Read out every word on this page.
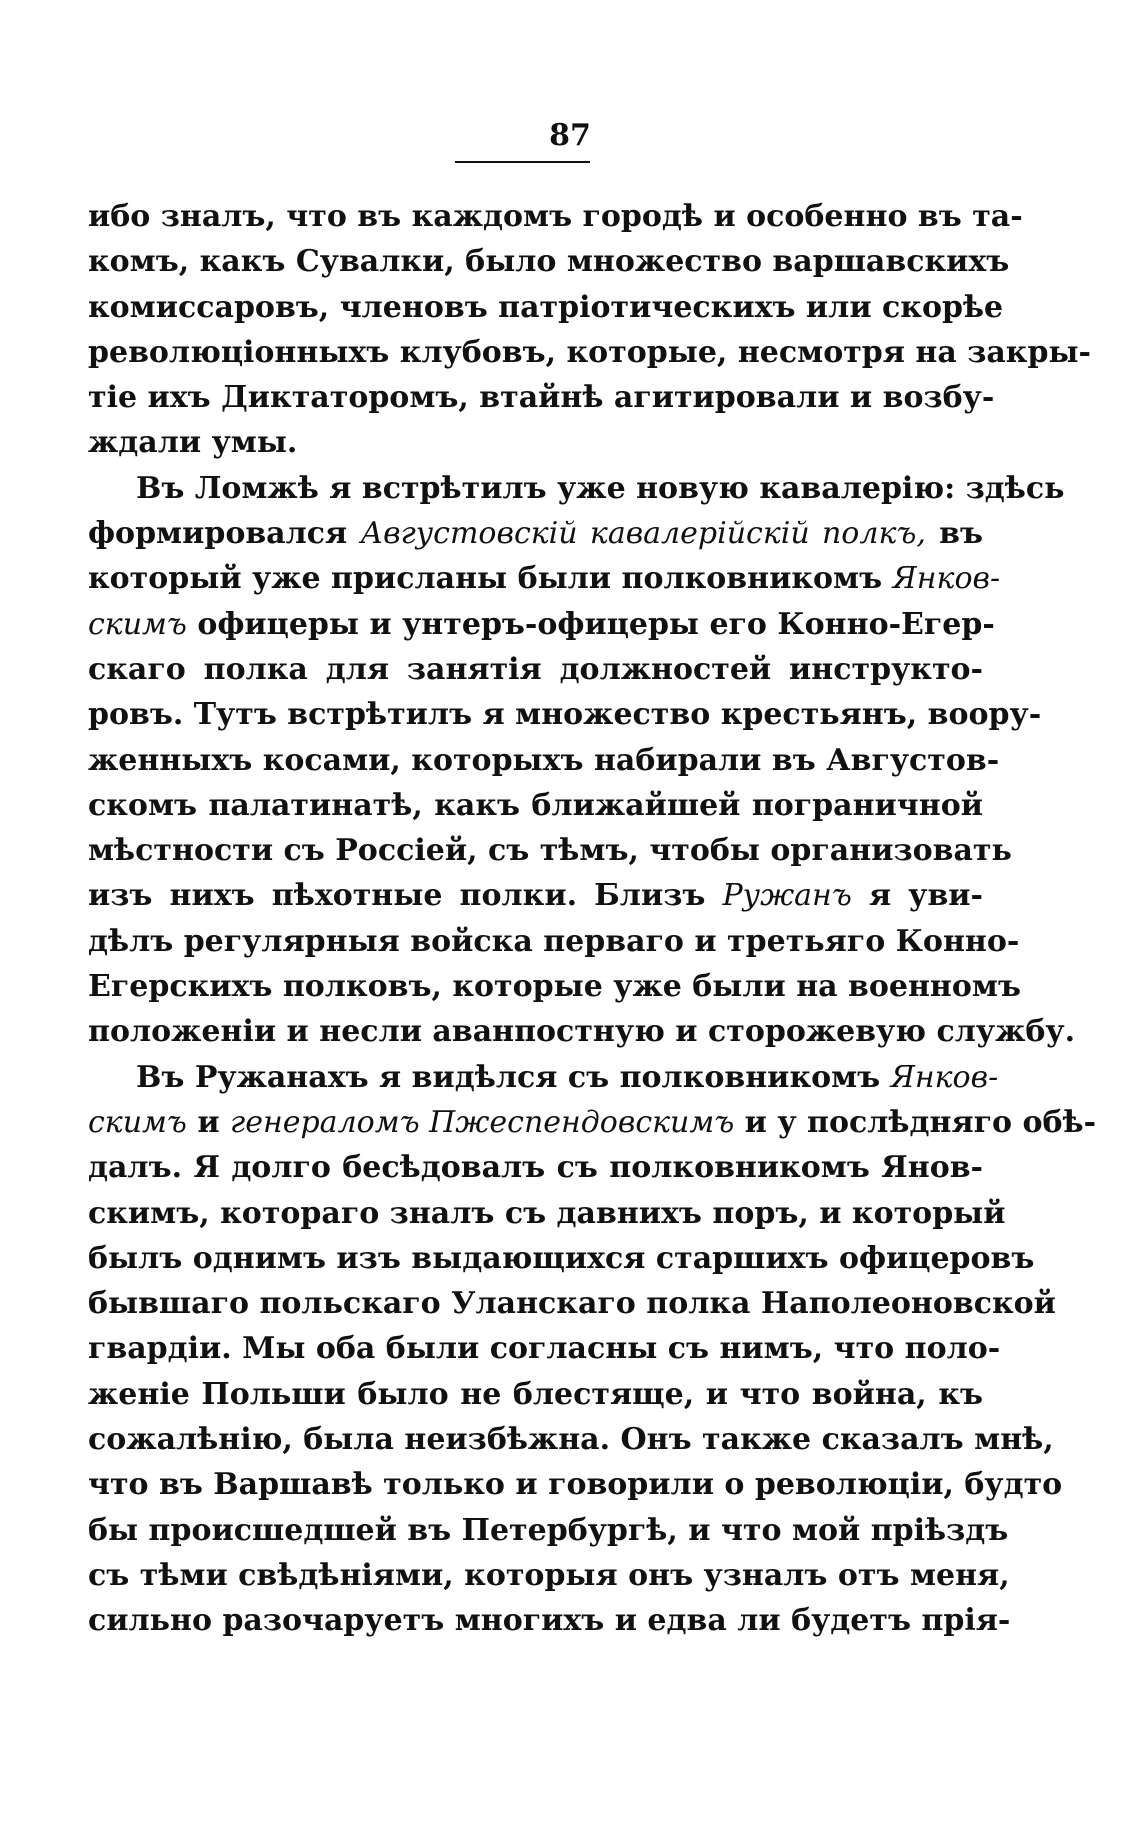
87
ибо зналъ, что въ каждомъ городѣ и особенно въ та-
комъ, какъ Сувалки, было множество варшавскихъ
комиссаровъ, членовъ патріотическихъ или скорѣе
революціонныхъ клубовъ, которые, несмотря на закры-
тіе ихъ Диктаторомъ, втайнѣ агитировали и возбу-
ждали умы.
Въ Ломжѣ я встрѣтилъ уже новую кавалерію: здѣсь
формировался Августовскій кавалерійскій полкъ, въ
который уже присланы были полковникомъ Янков-
скимъ офицеры и унтеръ-офицеры его Конно-Егер-
скаго полка для занятія должностей инструкто-
ровъ. Тутъ встрѣтилъ я множество крестьянъ, вооpу-
женныхъ косами, которыхъ набирали въ Августов-
скомъ палатинатѣ, какъ ближайшей пограничной
мѣстности съ Россіей, съ тѣмъ, чтобы организовать
изъ нихъ пѣхотные полки. Близъ Ружанъ я уви-
дѣлъ регулярныя войска перваго и третьяго Конно-
Егерскихъ полковъ, которые уже были на военномъ
положеніи и несли аванпостную и сторожевую службу.
Въ Ружанахъ я видѣлся съ полковникомъ Янков-
скимъ и генераломъ Пжеспендовскимъ и у послѣдняго обѣ-
далъ. Я долго бесѣдовалъ съ полковникомъ Янов-
скимъ, котораго зналъ съ давнихъ поръ, и который
былъ однимъ изъ выдающихся старшихъ офицеровъ
бывшаго польскаго Уланскаго полка Наполеоновской
гвардіи. Мы оба были согласны съ нимъ, что поло-
женіе Польши было не блестяще, и что война, къ
сожалѣнію, была неизбѣжна. Онъ также сказалъ мнѣ,
что въ Варшавѣ только и говорили о революціи, будто
бы происшедшей въ Петербургѣ, и что мой пріѣздъ
съ тѣми свѣдѣніями, которыя онъ узналъ отъ меня,
сильно разочаруетъ многихъ и едва ли будетъ пpiя-
